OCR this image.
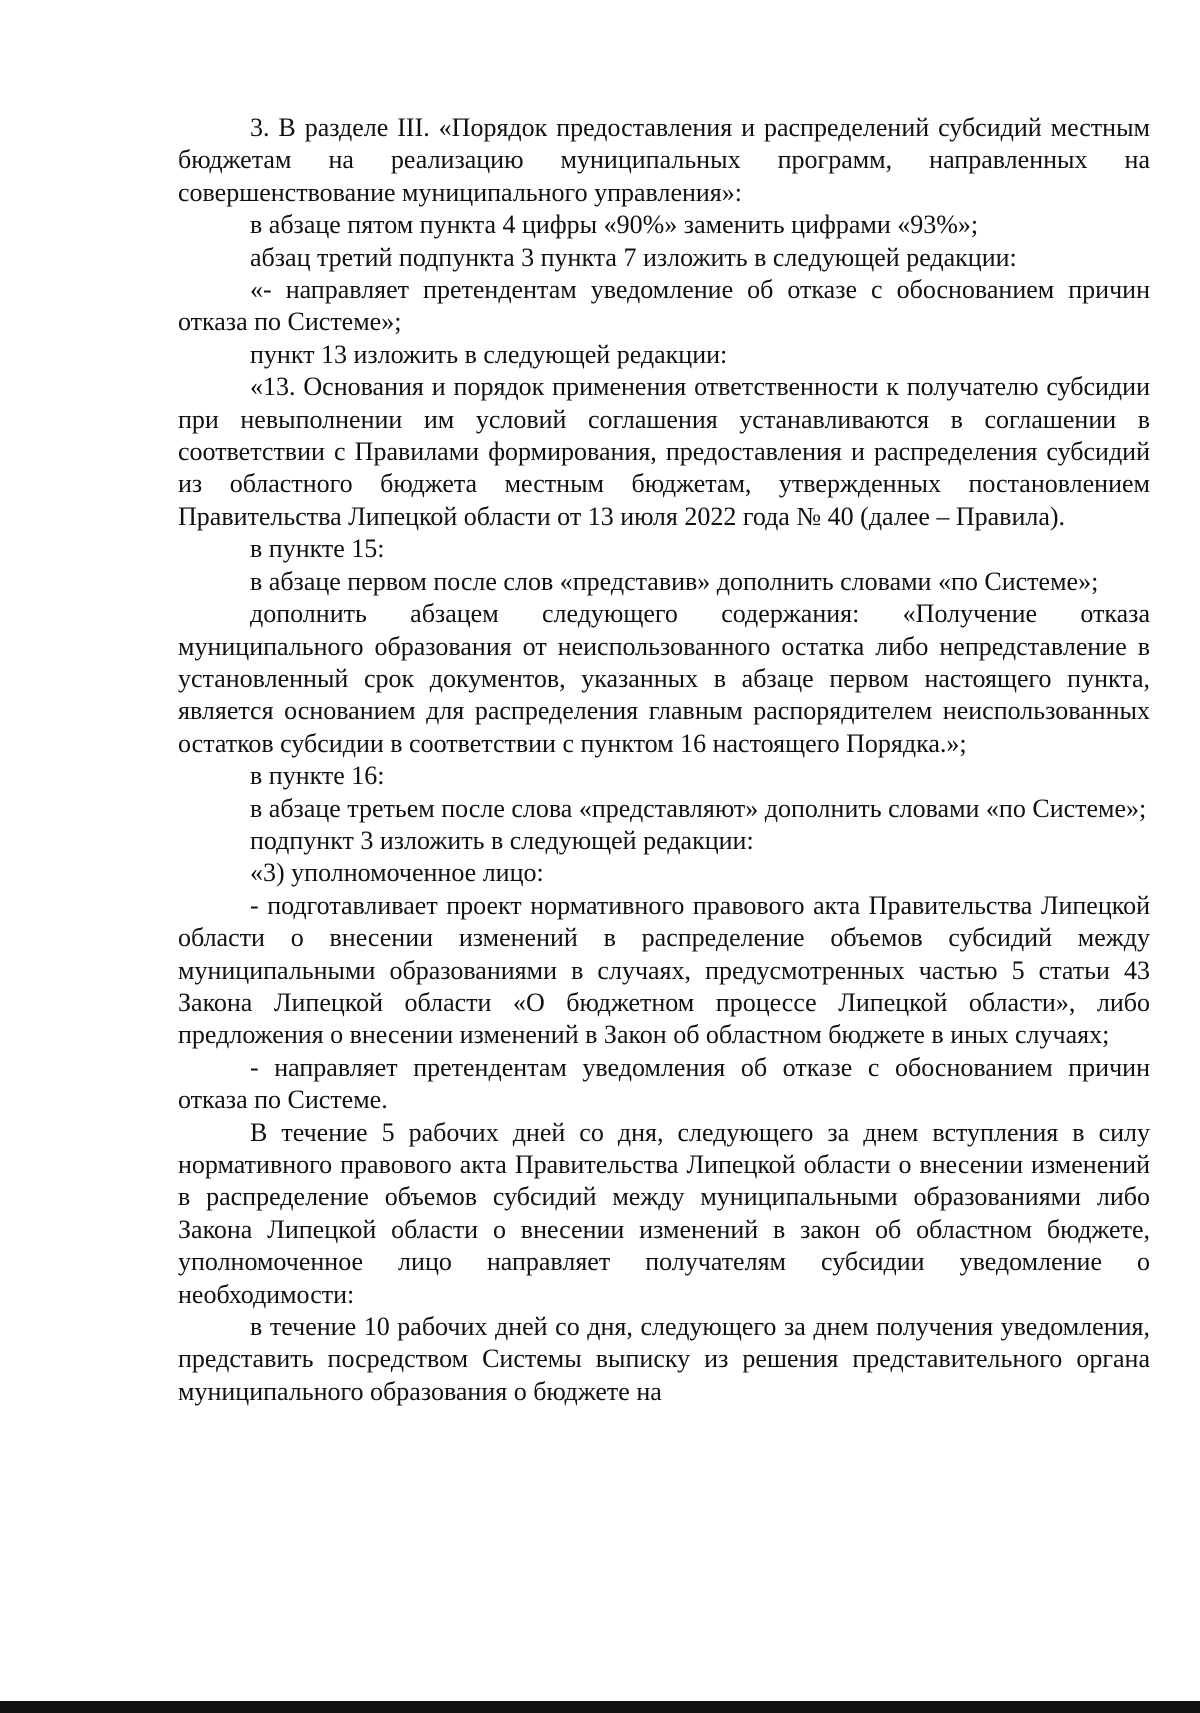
3. В разделе III. «Порядок предоставления и распределений субсидий местным бюджетам на реализацию муниципальных программ, направленных на совершенствование муниципального управления»:

в абзаце пятом пункта 4 цифры «90%» заменить цифрами «93%»;

абзац третий подпункта 3 пункта 7 изложить в следующей редакции:

«- направляет претендентам уведомление об отказе с обоснованием причин отказа по Системе»;

пункт 13 изложить в следующей редакции:

«13. Основания и порядок применения ответственности к получателю субсидии при невыполнении им условий соглашения устанавливаются в соглашении в соответствии с Правилами формирования, предоставления и распределения субсидий из областного бюджета местным бюджетам, утвержденных постановлением Правительства Липецкой области от 13 июля 2022 года № 40 (далее – Правила).

в пункте 15:

в абзаце первом после слов «представив» дополнить словами «по Системе»;

дополнить абзацем следующего содержания: «Получение отказа муниципального образования от неиспользованного остатка либо непредставление в установленный срок документов, указанных в абзаце первом настоящего пункта, является основанием для распределения главным распорядителем неиспользованных остатков субсидии в соответствии с пунктом 16 настоящего Порядка.»;

в пункте 16:

в абзаце третьем после слова «представляют» дополнить словами «по Системе»;

подпункт 3 изложить в следующей редакции:

«3) уполномоченное лицо:

- подготавливает проект нормативного правового акта Правительства Липецкой области о внесении изменений в распределение объемов субсидий между муниципальными образованиями в случаях, предусмотренных частью 5 статьи 43 Закона Липецкой области «О бюджетном процессе Липецкой области», либо предложения о внесении изменений в Закон об областном бюджете в иных случаях;

- направляет претендентам уведомления об отказе с обоснованием причин отказа по Системе.

В течение 5 рабочих дней со дня, следующего за днем вступления в силу нормативного правового акта Правительства Липецкой области о внесении изменений в распределение объемов субсидий между муниципальными образованиями либо Закона Липецкой области о внесении изменений в закон об областном бюджете, уполномоченное лицо направляет получателям субсидии уведомление о необходимости:

в течение 10 рабочих дней со дня, следующего за днем получения уведомления, представить посредством Системы выписку из решения представительного органа муниципального образования о бюджете на
